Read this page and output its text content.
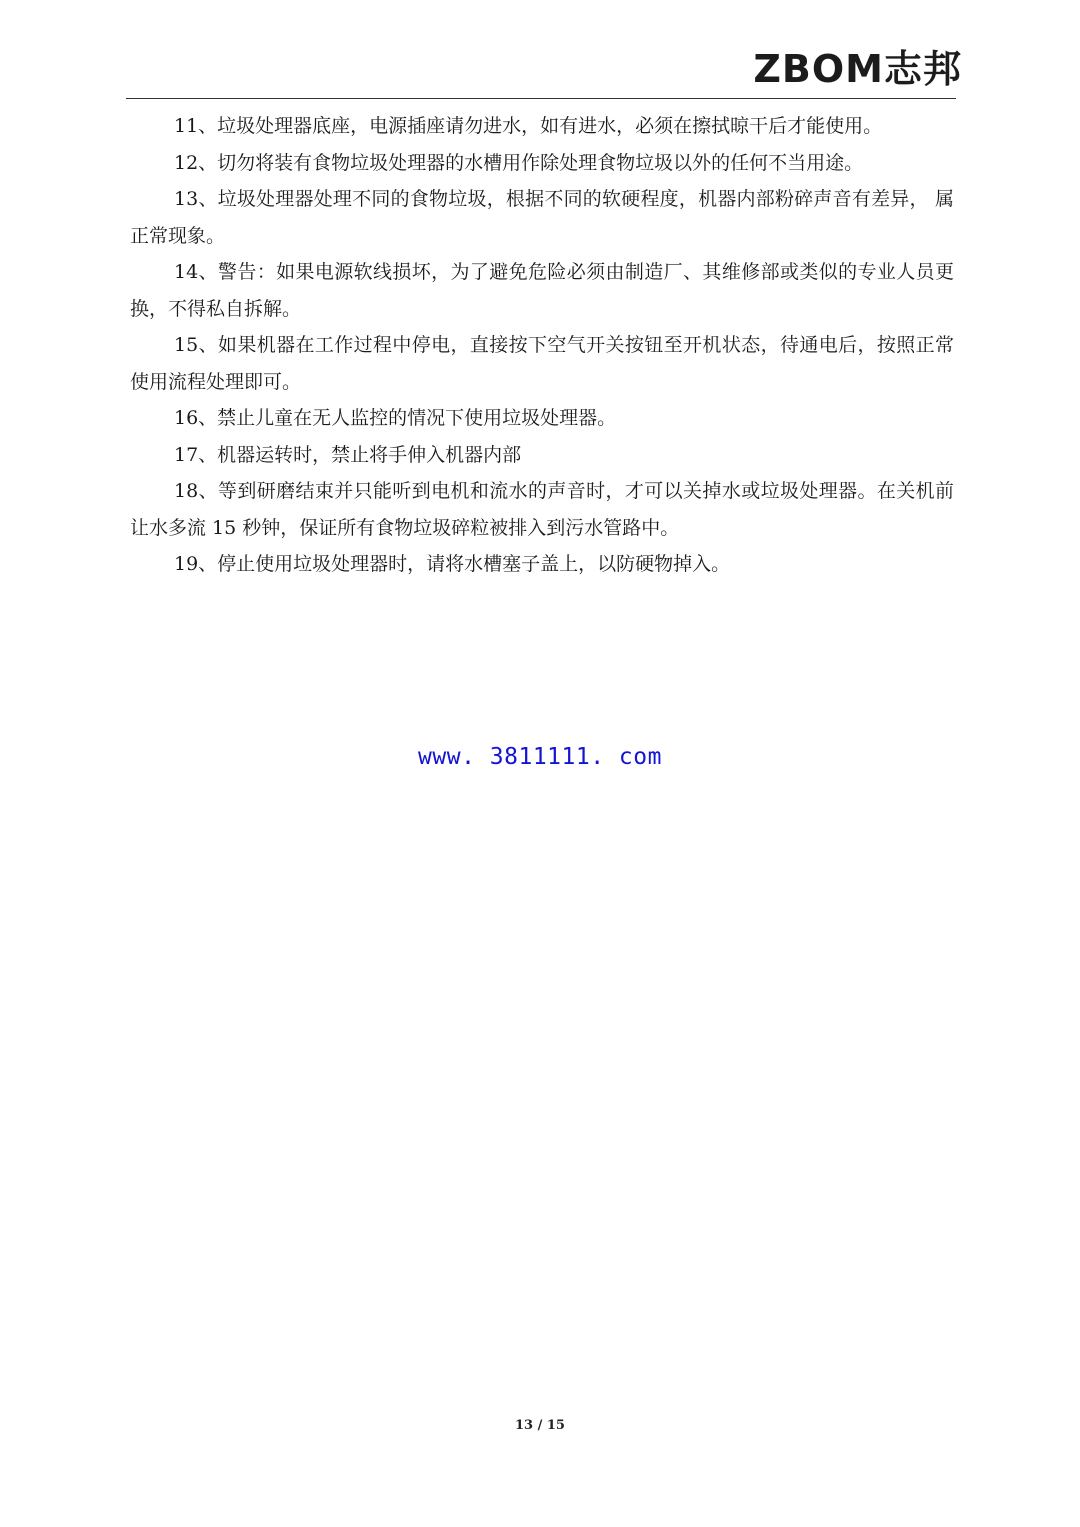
ZBOM志邦

11、垃圾处理器底座，电源插座请勿进水，如有进水，必须在擦拭晾干后才能使用。

12、切勿将装有食物垃圾处理器的水槽用作除处理食物垃圾以外的任何不当用途。

13、垃圾处理器处理不同的食物垃圾，根据不同的软硬程度，机器内部粉碎声音有差异， 属正常现象。

14、警告：如果电源软线损坏，为了避免危险必须由制造厂、其维修部或类似的专业人员更换，不得私自拆解。

15、如果机器在工作过程中停电，直接按下空气开关按钮至开机状态，待通电后，按照正常使用流程处理即可。

16、禁止儿童在无人监控的情况下使用垃圾处理器。

17、机器运转时，禁止将手伸入机器内部

18、等到研磨结束并只能听到电机和流水的声音时，才可以关掉水或垃圾处理器。在关机前让水多流 15 秒钟，保证所有食物垃圾碎粒被排入到污水管路中。

19、停止使用垃圾处理器时，请将水槽塞子盖上，以防硬物掉入。

www. 3811111. com
13 / 15
